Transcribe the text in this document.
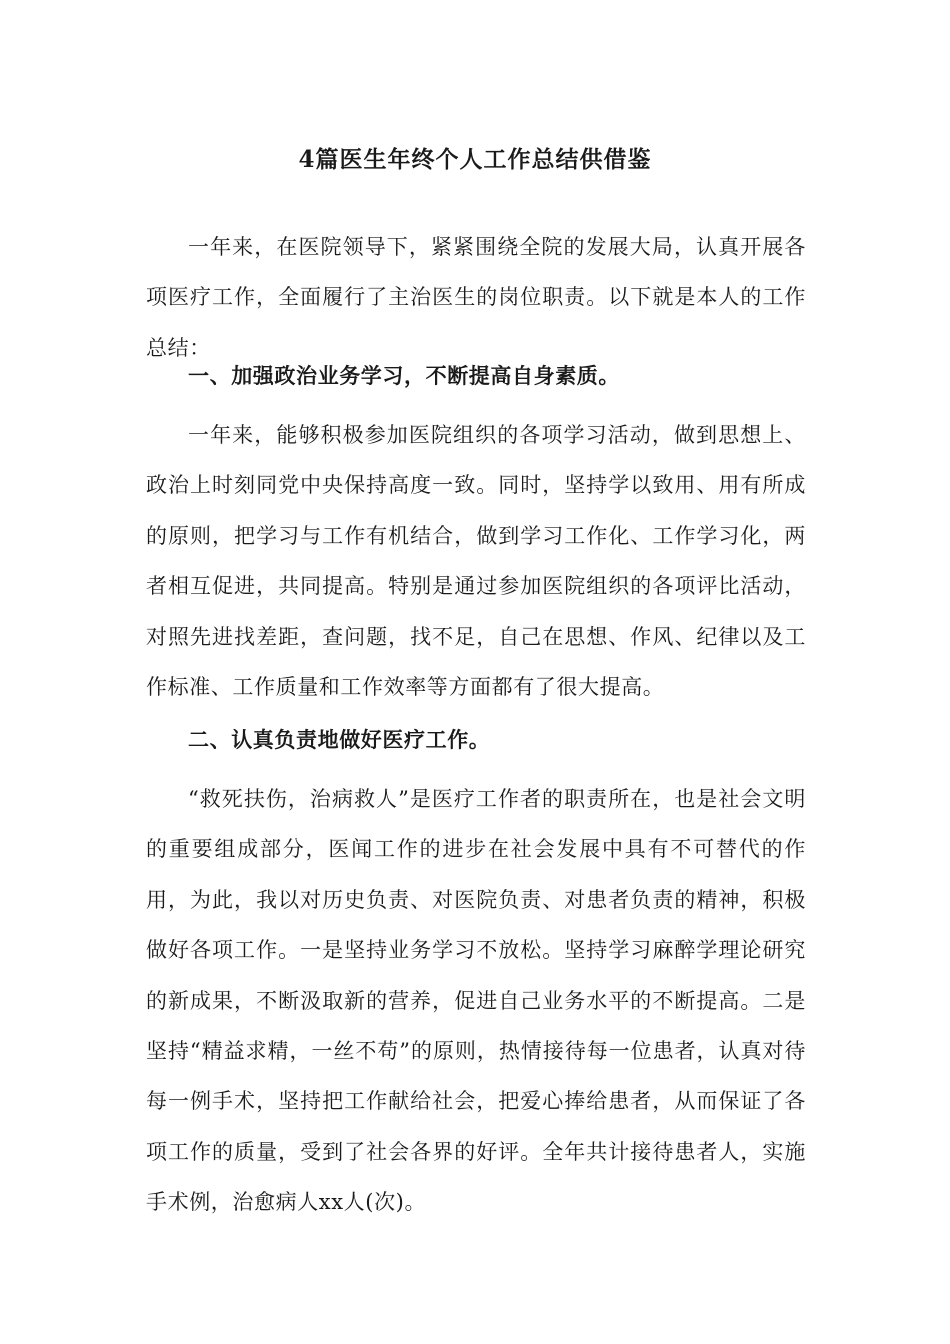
4篇医生年终个人工作总结供借鉴

一年来，在医院领导下，紧紧围绕全院的发展大局，认真开展各项医疗工作，全面履行了主治医生的岗位职责。以下就是本人的工作总结：

一、加强政治业务学习，不断提高自身素质。

一年来，能够积极参加医院组织的各项学习活动，做到思想上、政治上时刻同党中央保持高度一致。同时，坚持学以致用、用有所成的原则，把学习与工作有机结合，做到学习工作化、工作学习化，两者相互促进，共同提高。特别是通过参加医院组织的各项评比活动，对照先进找差距，查问题，找不足，自己在思想、作风、纪律以及工作标准、工作质量和工作效率等方面都有了很大提高。

二、认真负责地做好医疗工作。

“救死扶伤，治病救人”是医疗工作者的职责所在，也是社会文明的重要组成部分，医闻工作的进步在社会发展中具有不可替代的作用，为此，我以对历史负责、对医院负责、对患者负责的精神，积极做好各项工作。一是坚持业务学习不放松。坚持学习麻醉学理论研究的新成果，不断汲取新的营养，促进自己业务水平的不断提高。二是坚持“精益求精，一丝不苟”的原则，热情接待每一位患者，认真对待每一例手术，坚持把工作献给社会，把爱心捧给患者，从而保证了各项工作的质量，受到了社会各界的好评。全年共计接待患者人，实施手术例，治愈病人xx人(次)。
